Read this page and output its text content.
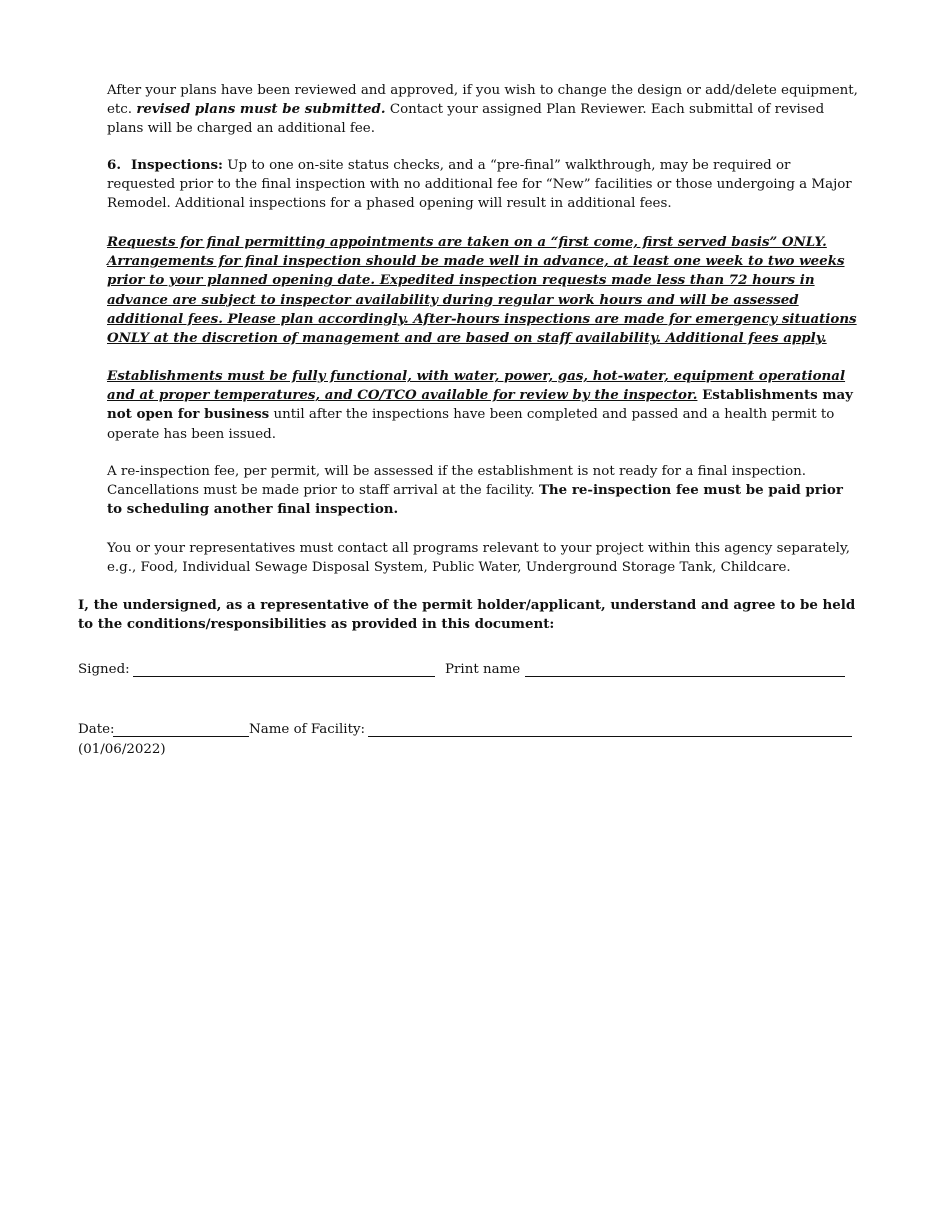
After your plans have been reviewed and approved, if you wish to change the design or add/delete equipment, etc. revised plans must be submitted. Contact your assigned Plan Reviewer. Each submittal of revised plans will be charged an additional fee.

6. Inspections: Up to one on-site status checks, and a “pre-final” walkthrough, may be required or requested prior to the final inspection with no additional fee for “New” facilities or those undergoing a Major Remodel. Additional inspections for a phased opening will result in additional fees.

Requests for final permitting appointments are taken on a “first come, first served basis” ONLY. Arrangements for final inspection should be made well in advance, at least one week to two weeks prior to your planned opening date. Expedited inspection requests made less than 72 hours in advance are subject to inspector availability during regular work hours and will be assessed additional fees. Please plan accordingly. After-hours inspections are made for emergency situations ONLY at the discretion of management and are based on staff availability. Additional fees apply.

Establishments must be fully functional, with water, power, gas, hot-water, equipment operational and at proper temperatures, and CO/TCO available for review by the inspector. Establishments may not open for business until after the inspections have been completed and passed and a health permit to operate has been issued.

A re-inspection fee, per permit, will be assessed if the establishment is not ready for a final inspection. Cancellations must be made prior to staff arrival at the facility. The re-inspection fee must be paid prior to scheduling another final inspection.

You or your representatives must contact all programs relevant to your project within this agency separately, e.g., Food, Individual Sewage Disposal System, Public Water, Underground Storage Tank, Childcare.

I, the undersigned, as a representative of the permit holder/applicant, understand and agree to be held to the conditions/responsibilities as provided in this document:

Signed:	Print name
Date:	Name of Facility:
(01/06/2022)
